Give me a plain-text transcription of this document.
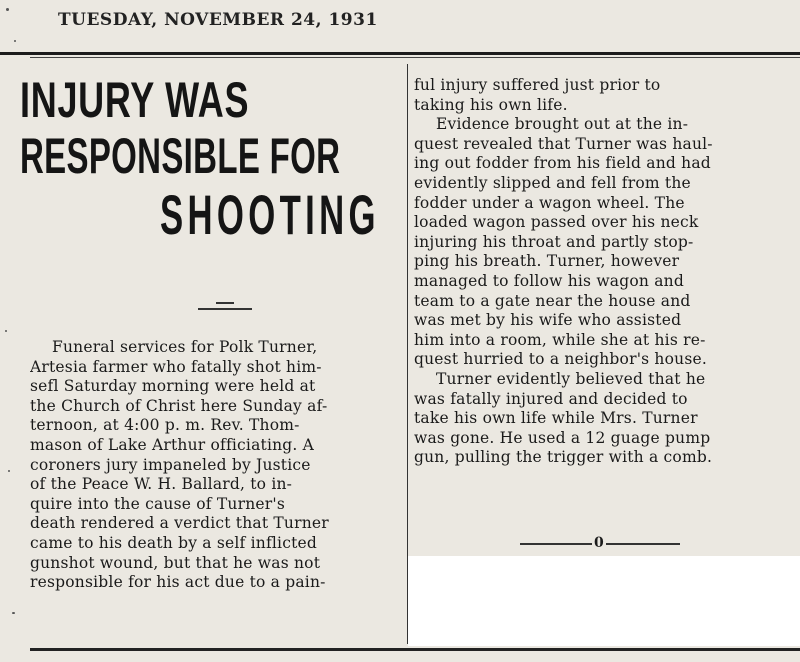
TUESDAY, NOVEMBER 24, 1931
INJURY WAS
RESPONSIBLE FOR
SHOOTING
Funeral services for Polk Turner,
Artesia farmer who fatally shot him-
sefl Saturday morning were held at
the Church of Christ here Sunday af-
ternoon, at 4:00 p. m. Rev. Thom-
mason of Lake Arthur officiating. A
coroners jury impaneled by Justice
of the Peace W. H. Ballard, to in-
quire into the cause of Turner's
death rendered a verdict that Turner
came to his death by a self inflicted
gunshot wound, but that he was not
responsible for his act due to a pain-
ful injury suffered just prior to
taking his own life.
Evidence brought out at the in-
quest revealed that Turner was haul-
ing out fodder from his field and had
evidently slipped and fell from the
fodder under a wagon wheel. The
loaded wagon passed over his neck
injuring his throat and partly stop-
ping his breath. Turner, however
managed to follow his wagon and
team to a gate near the house and
was met by his wife who assisted
him into a room, while she at his re-
quest hurried to a neighbor's house.
Turner evidently believed that he
was fatally injured and decided to
take his own life while Mrs. Turner
was gone. He used a 12 guage pump
gun, pulling the trigger with a comb.
0
